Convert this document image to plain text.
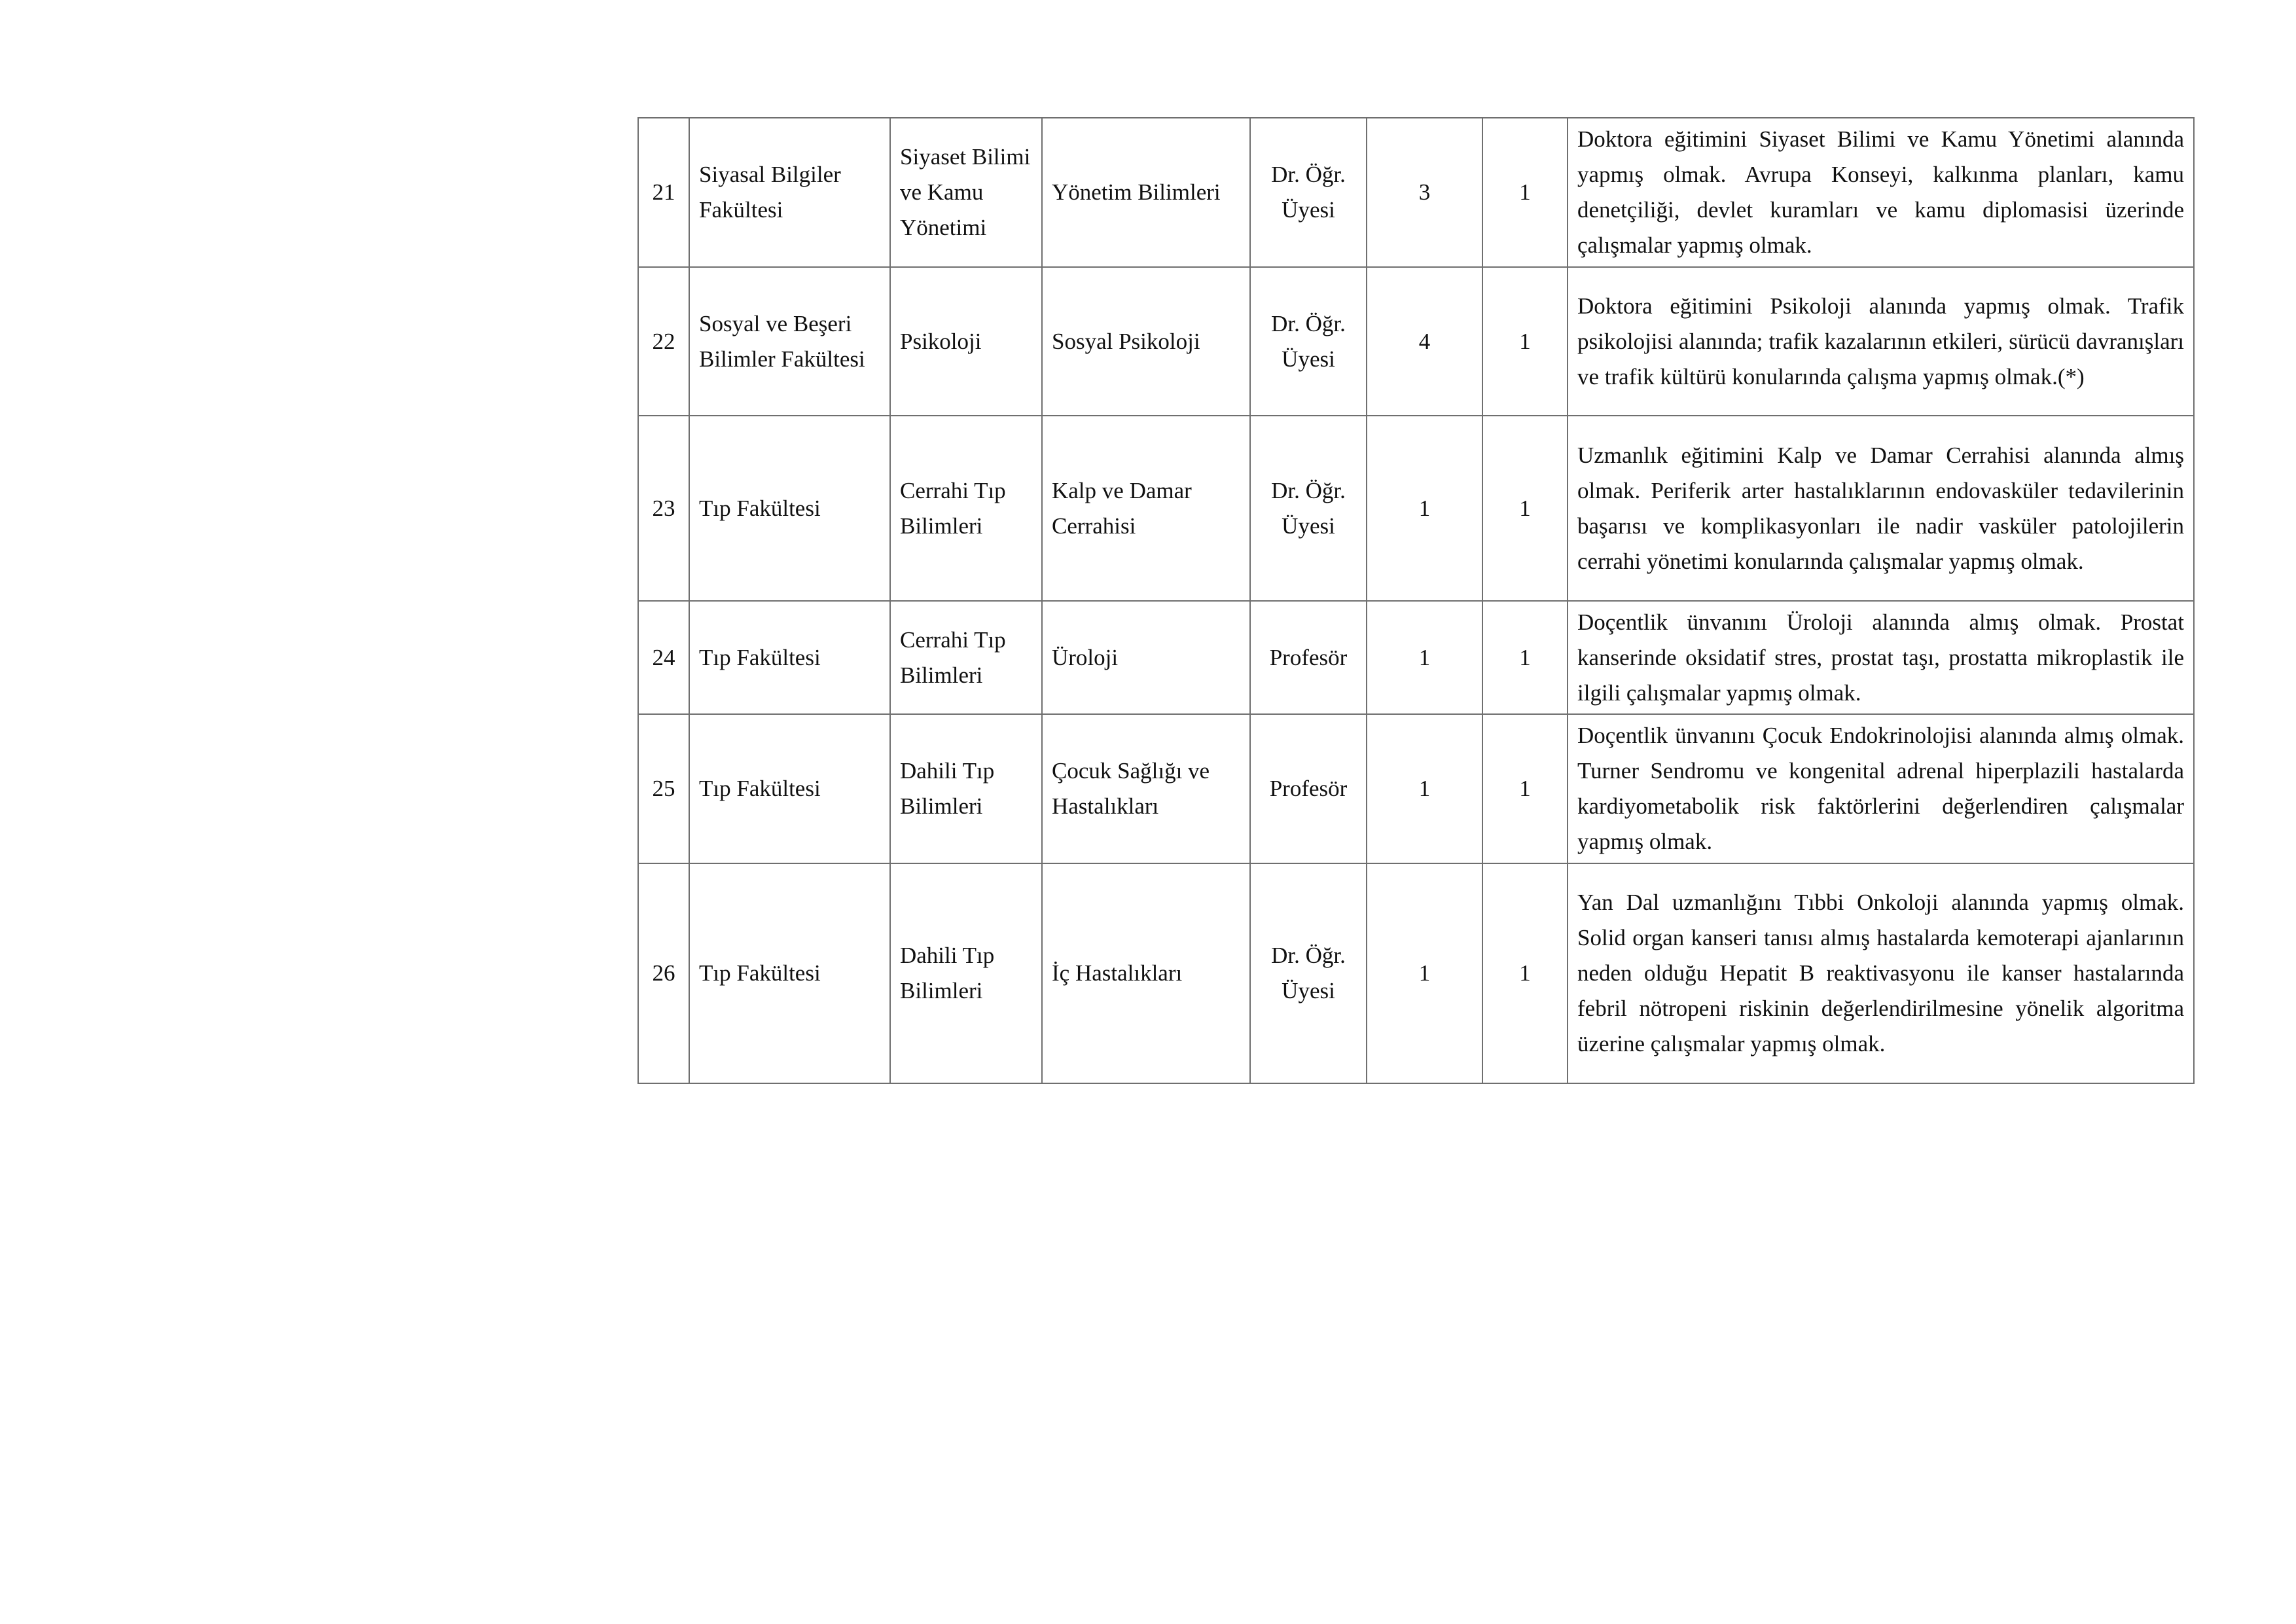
21	Siyasal Bilgiler Fakültesi	Siyaset Bilimi ve Kamu Yönetimi	Yönetim Bilimleri	Dr. Öğr. Üyesi	3	1	Doktora eğitimini Siyaset Bilimi ve Kamu Yönetimi alanında yapmış olmak. Avrupa Konseyi, kalkınma planları, kamu denetçiliği, devlet kuramları ve kamu diplomasisi üzerinde çalışmalar yapmış olmak.
22	Sosyal ve Beşeri Bilimler Fakültesi	Psikoloji	Sosyal Psikoloji	Dr. Öğr. Üyesi	4	1	Doktora eğitimini Psikoloji alanında yapmış olmak. Trafik psikolojisi alanında; trafik kazalarının etkileri, sürücü davranışları ve trafik kültürü konularında çalışma yapmış olmak.(*)
23	Tıp Fakültesi	Cerrahi Tıp Bilimleri	Kalp ve Damar Cerrahisi	Dr. Öğr. Üyesi	1	1	Uzmanlık eğitimini Kalp ve Damar Cerrahisi alanında almış olmak. Periferik arter hastalıklarının endovasküler tedavilerinin başarısı ve komplikasyonları ile nadir vasküler patolojilerin cerrahi yönetimi konularında çalışmalar yapmış olmak.
24	Tıp Fakültesi	Cerrahi Tıp Bilimleri	Üroloji	Profesör	1	1	Doçentlik ünvanını Üroloji alanında almış olmak. Prostat kanserinde oksidatif stres, prostat taşı, prostatta mikroplastik ile ilgili çalışmalar yapmış olmak.
25	Tıp Fakültesi	Dahili Tıp Bilimleri	Çocuk Sağlığı ve Hastalıkları	Profesör	1	1	Doçentlik ünvanını Çocuk Endokrinolojisi alanında almış olmak. Turner Sendromu ve kongenital adrenal hiperplazili hastalarda kardiyometabolik risk faktörlerini değerlendiren çalışmalar yapmış olmak.
26	Tıp Fakültesi	Dahili Tıp Bilimleri	İç Hastalıkları	Dr. Öğr. Üyesi	1	1	Yan Dal uzmanlığını Tıbbi Onkoloji alanında yapmış olmak. Solid organ kanseri tanısı almış hastalarda kemoterapi ajanlarının neden olduğu Hepatit B reaktivasyonu ile kanser hastalarında febril nötropeni riskinin değerlendirilmesine yönelik algoritma üzerine çalışmalar yapmış olmak.
